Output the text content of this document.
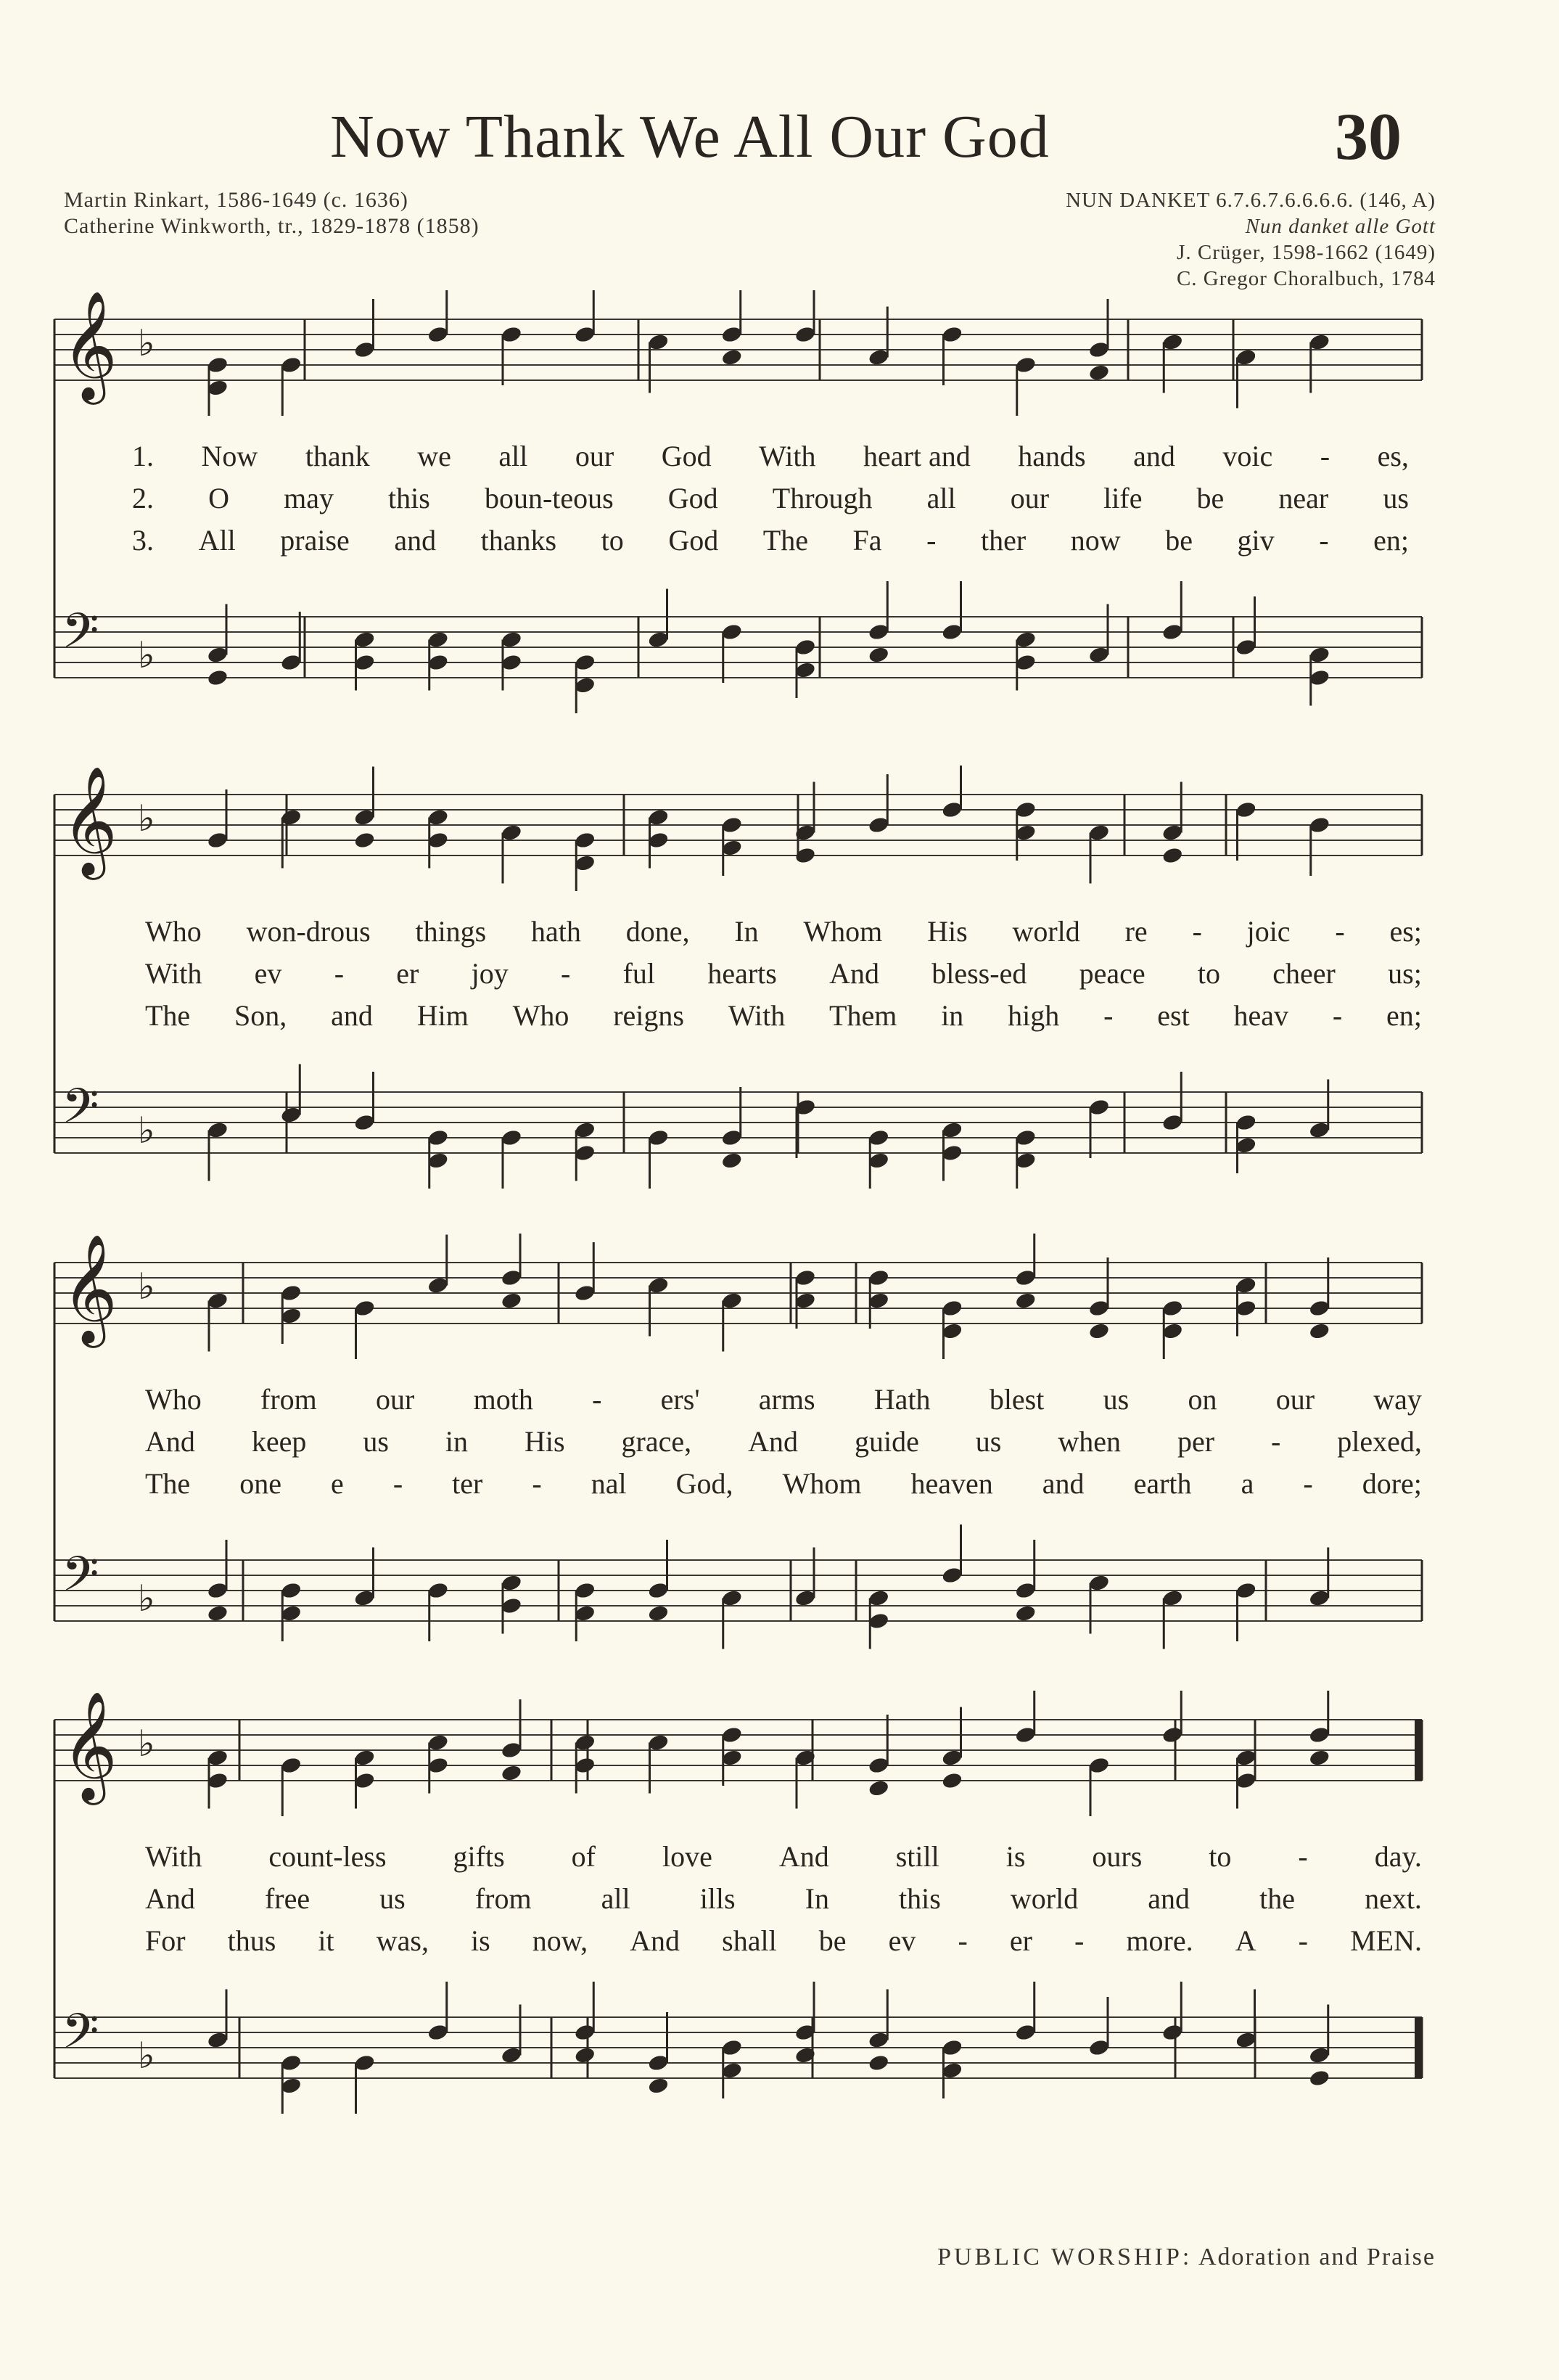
Now Thank We All Our God	30
Martin Rinkart, 1586-1649 (c. 1636)
Catherine Winkworth, tr., 1829-1878 (1858)
NUN DANKET 6.7.6.7.6.6.6.6. (146, A)
Nun danket alle Gott
J. Crüger, 1598-1662 (1649)
C. Gregor Choralbuch, 1784
𝄞 ♭
𝄢 ♭
1. Now thank we all our God With heart and hands and voic - es,
2. O may this boun-teous God Through all our life be near us
3. All praise and thanks to God The Fa - ther now be giv - en;
𝄞 ♭
𝄢 ♭
Who won-drous things hath done, In Whom His world re - joic - es;
With ev - er joy - ful hearts And bless-ed peace to cheer us;
The Son, and Him Who reigns With Them in high - est heav - en;
𝄞 ♭
𝄢 ♭
Who from our moth - ers' arms Hath blest us on our way
And keep us in His grace, And guide us when per - plexed,
The one e - ter - nal God, Whom heaven and earth a - dore;
𝄞 ♭
𝄢 ♭
With count-less gifts of love And still is ours to - day.
And free us from all ills In this world and the next.
For thus it was, is now, And shall be ev - er - more. A - MEN.
PUBLIC WORSHIP: Adoration and Praise
